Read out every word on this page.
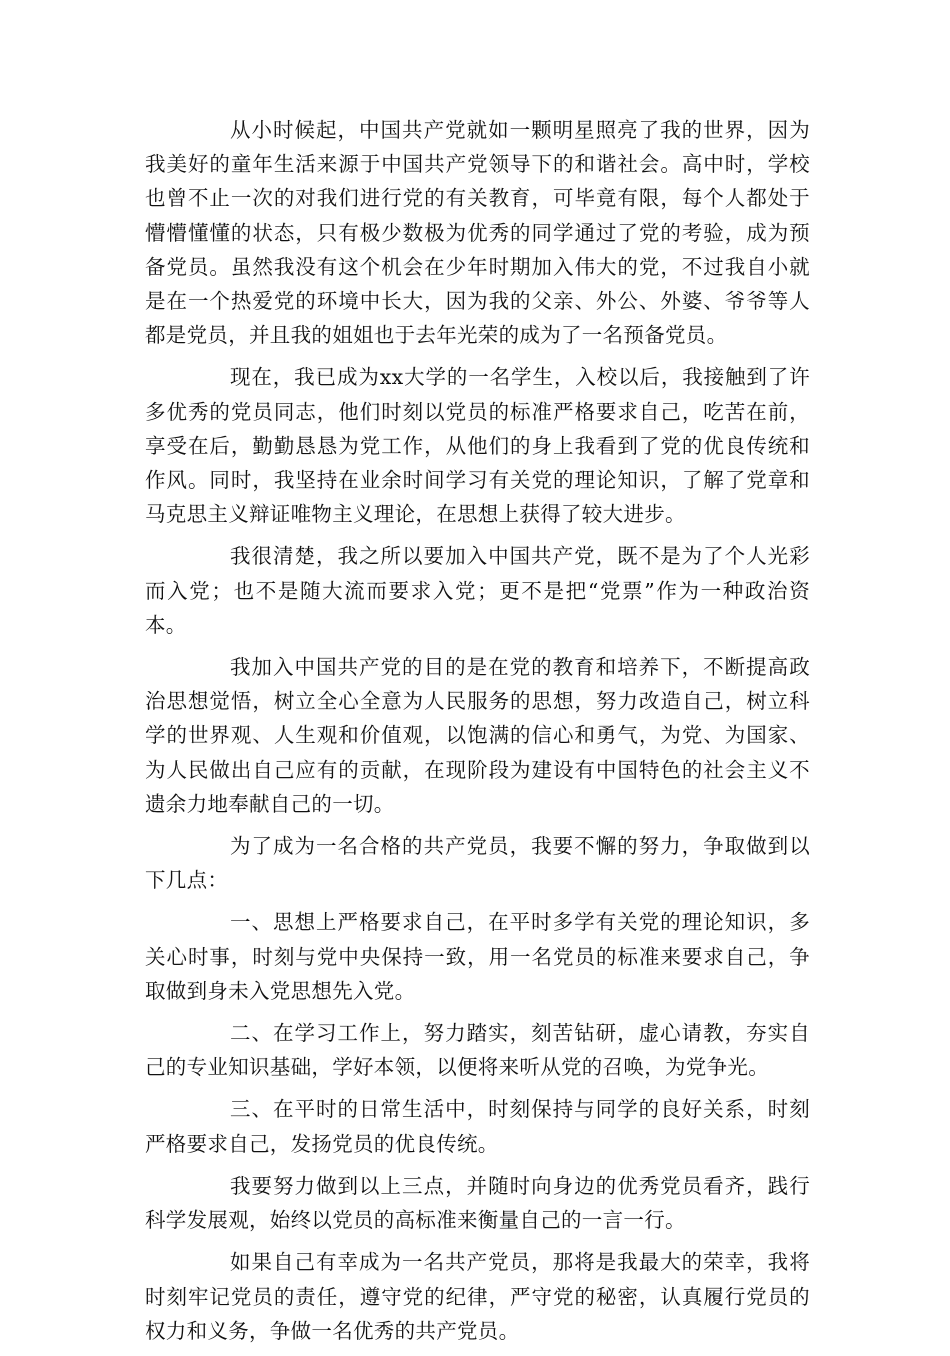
从小时候起，中国共产党就如一颗明星照亮了我的世界，因为我美好的童年生活来源于中国共产党领导下的和谐社会。高中时，学校也曾不止一次的对我们进行党的有关教育，可毕竟有限，每个人都处于懵懵懂懂的状态，只有极少数极为优秀的同学通过了党的考验，成为预备党员。虽然我没有这个机会在少年时期加入伟大的党，不过我自小就是在一个热爱党的环境中长大，因为我的父亲、外公、外婆、爷爷等人都是党员，并且我的姐姐也于去年光荣的成为了一名预备党员。

现在，我已成为xx大学的一名学生，入校以后，我接触到了许多优秀的党员同志，他们时刻以党员的标准严格要求自己，吃苦在前，享受在后，勤勤恳恳为党工作，从他们的身上我看到了党的优良传统和作风。同时，我坚持在业余时间学习有关党的理论知识，了解了党章和马克思主义辩证唯物主义理论，在思想上获得了较大进步。

我很清楚，我之所以要加入中国共产党，既不是为了个人光彩而入党；也不是随大流而要求入党；更不是把“党票”作为一种政治资本。

我加入中国共产党的目的是在党的教育和培养下，不断提高政治思想觉悟，树立全心全意为人民服务的思想，努力改造自己，树立科学的世界观、人生观和价值观，以饱满的信心和勇气，为党、为国家、为人民做出自己应有的贡献，在现阶段为建设有中国特色的社会主义不遗余力地奉献自己的一切。

为了成为一名合格的共产党员，我要不懈的努力，争取做到以下几点：

一、思想上严格要求自己，在平时多学有关党的理论知识，多关心时事，时刻与党中央保持一致，用一名党员的标准来要求自己，争取做到身未入党思想先入党。

二、在学习工作上，努力踏实，刻苦钻研，虚心请教，夯实自己的专业知识基础，学好本领，以便将来听从党的召唤，为党争光。

三、在平时的日常生活中，时刻保持与同学的良好关系，时刻严格要求自己，发扬党员的优良传统。

我要努力做到以上三点，并随时向身边的优秀党员看齐，践行科学发展观，始终以党员的高标准来衡量自己的一言一行。

如果自己有幸成为一名共产党员，那将是我最大的荣幸，我将时刻牢记党员的责任，遵守党的纪律，严守党的秘密，认真履行党员的权力和义务，争做一名优秀的共产党员。
